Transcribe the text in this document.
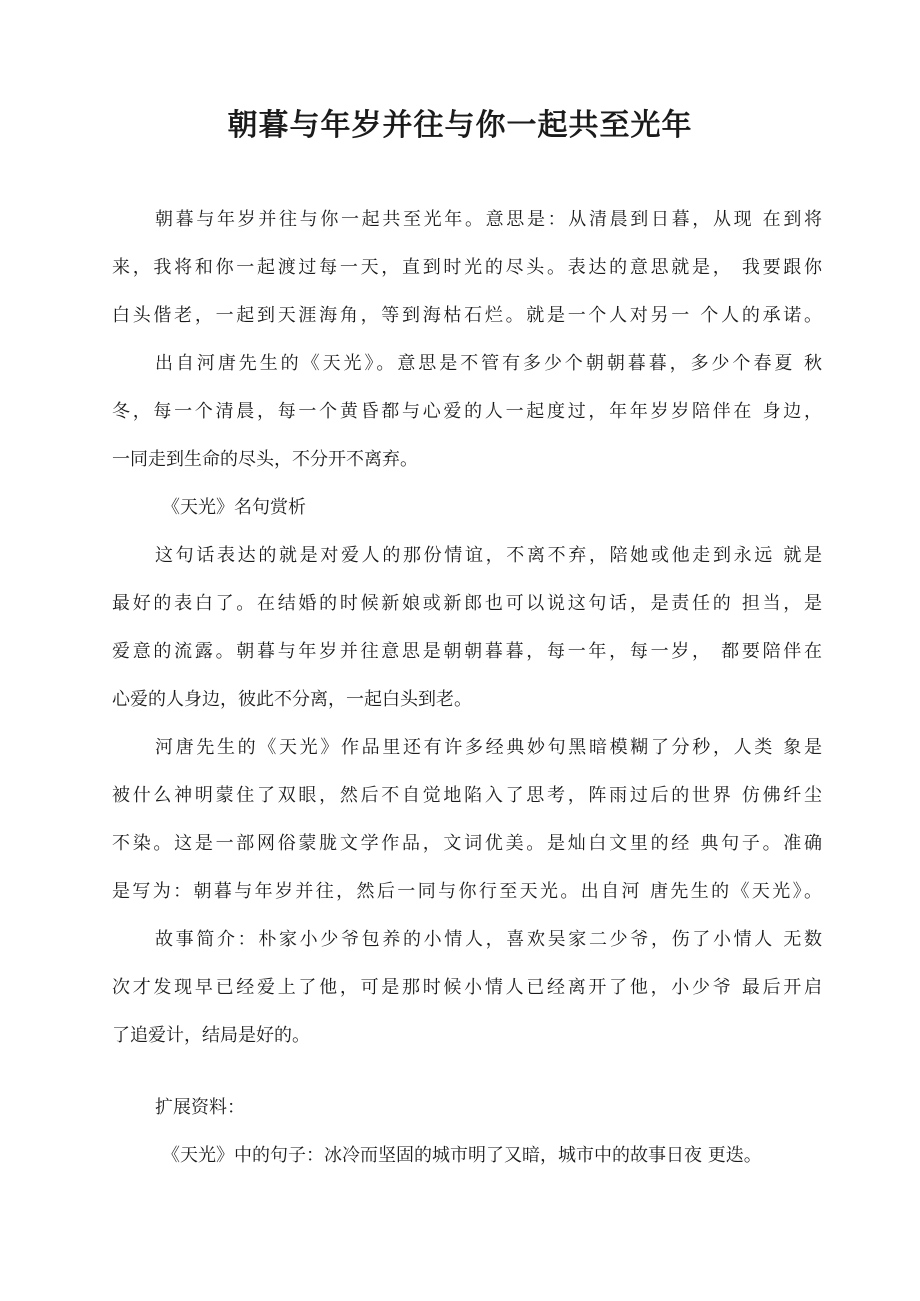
朝暮与年岁并往与你一起共至光年
朝暮与年岁并往与你一起共至光年。意思是：从清晨到日暮，从现 在到将
来，我将和你一起渡过每一天，直到时光的尽头。表达的意思就是， 我要跟你
白头偕老，一起到天涯海角，等到海枯石烂。就是一个人对另一 个人的承诺。
出自河唐先生的《天光》。意思是不管有多少个朝朝暮暮，多少个春夏 秋
冬，每一个清晨，每一个黄昏都与心爱的人一起度过，年年岁岁陪伴在 身边，
一同走到生命的尽头，不分开不离弃。
《天光》名句赏析
这句话表达的就是对爱人的那份情谊，不离不弃，陪她或他走到永远 就是
最好的表白了。在结婚的时候新娘或新郎也可以说这句话，是责任的 担当，是
爱意的流露。朝暮与年岁并往意思是朝朝暮暮，每一年，每一岁， 都要陪伴在
心爱的人身边，彼此不分离，一起白头到老。
河唐先生的《天光》作品里还有许多经典妙句黑暗模糊了分秒，人类 象是
被什么神明蒙住了双眼，然后不自觉地陷入了思考，阵雨过后的世界 仿佛纤尘
不染。这是一部网俗蒙胧文学作品，文词优美。是灿白文里的经 典句子。准确
是写为：朝暮与年岁并往，然后一同与你行至天光。出自河 唐先生的《天光》。
故事简介：朴家小少爷包养的小情人，喜欢吴家二少爷，伤了小情人 无数
次才发现早已经爱上了他，可是那时候小情人已经离开了他，小少爷 最后开启
了追爱计，结局是好的。
扩展资料：
《天光》中的句子：冰冷而坚固的城市明了又暗，城市中的故事日夜 更迭。
